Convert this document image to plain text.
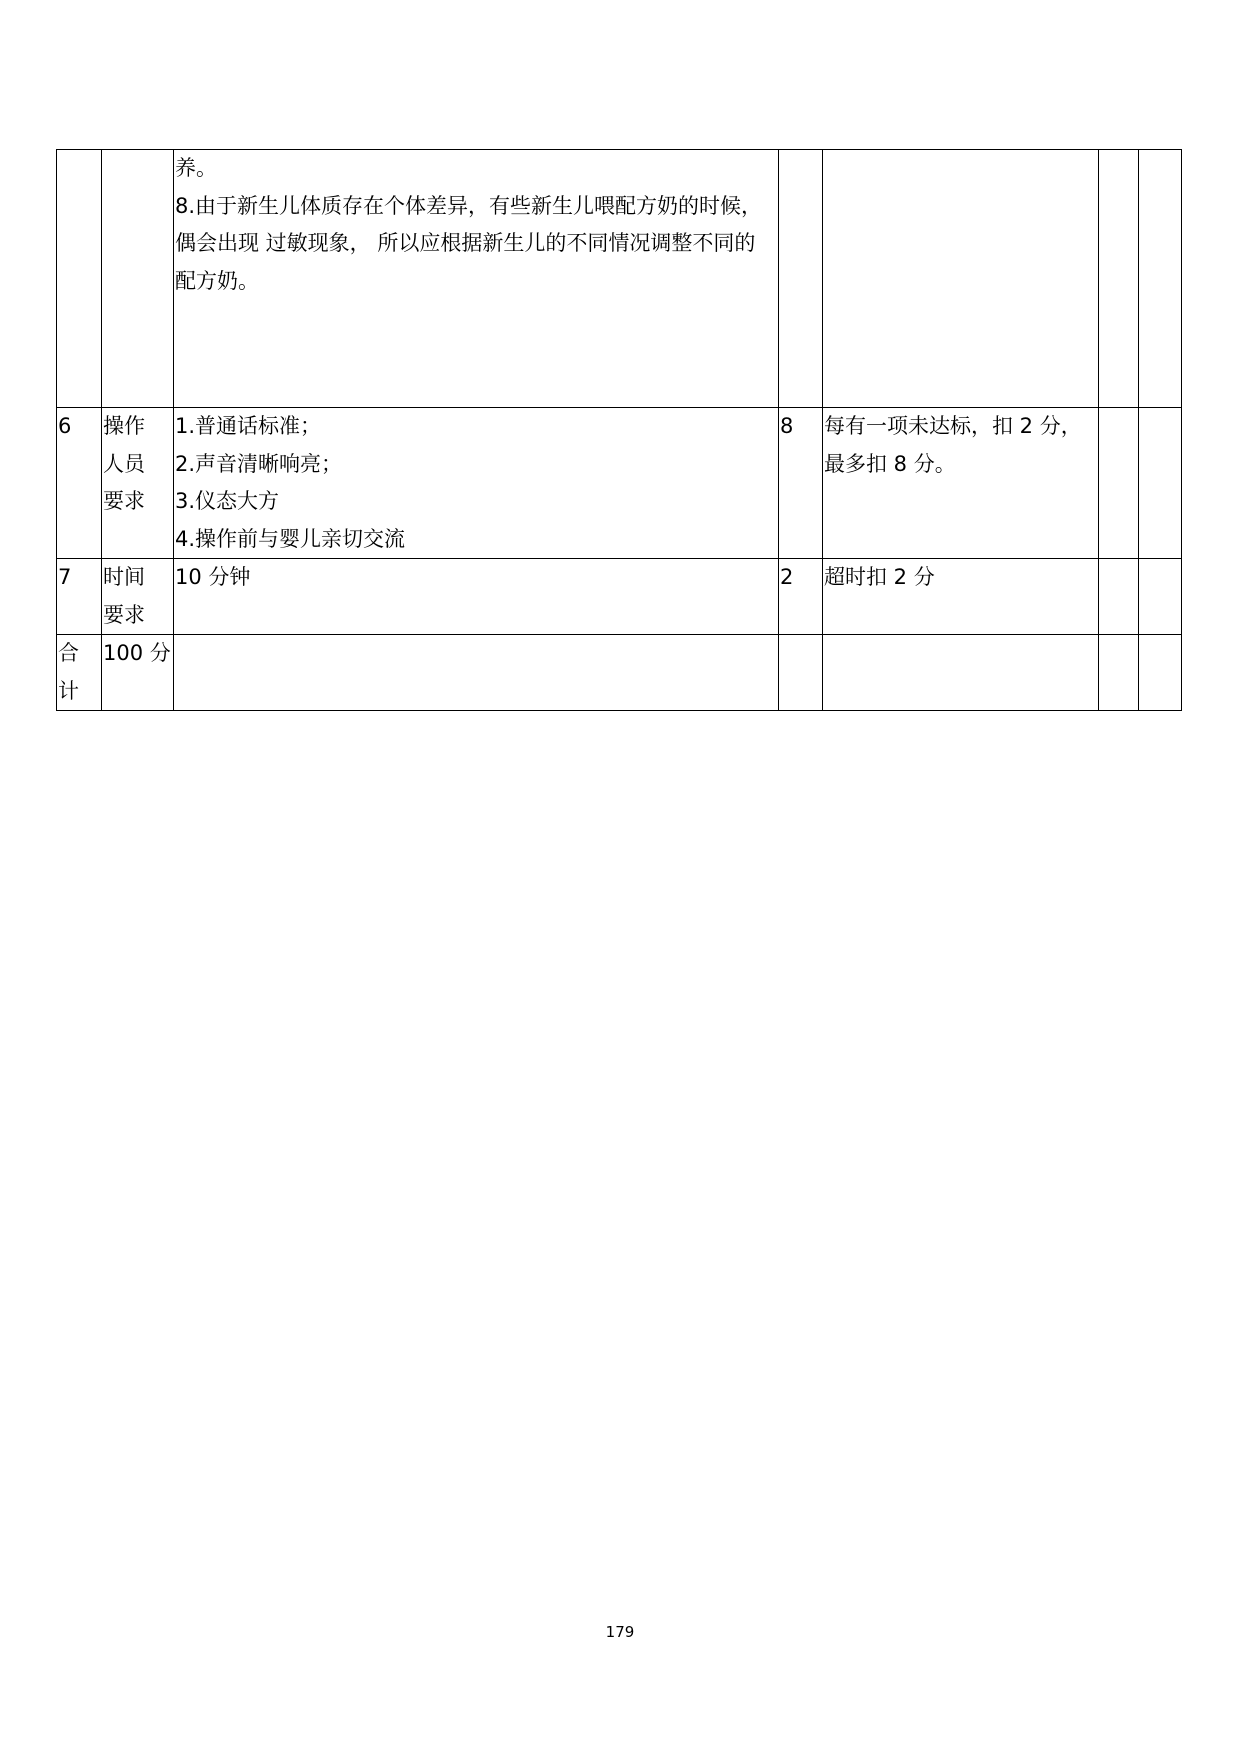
		养。
8.由于新生儿体质存在个体差异，有些新生儿喂配方奶的时候，
偶会出现 过敏现象， 所以应根据新生儿的不同情况调整不同的
配方奶。				

6	操作
人员
要求	1.普通话标准；
2.声音清晰响亮；
3.仪态大方
4.操作前与婴儿亲切交流	8	每有一项未达标，扣 2 分，
最多扣 8 分。		

7	时间
要求	10 分钟	2	超时扣 2 分		

合
计	100 分					

179
